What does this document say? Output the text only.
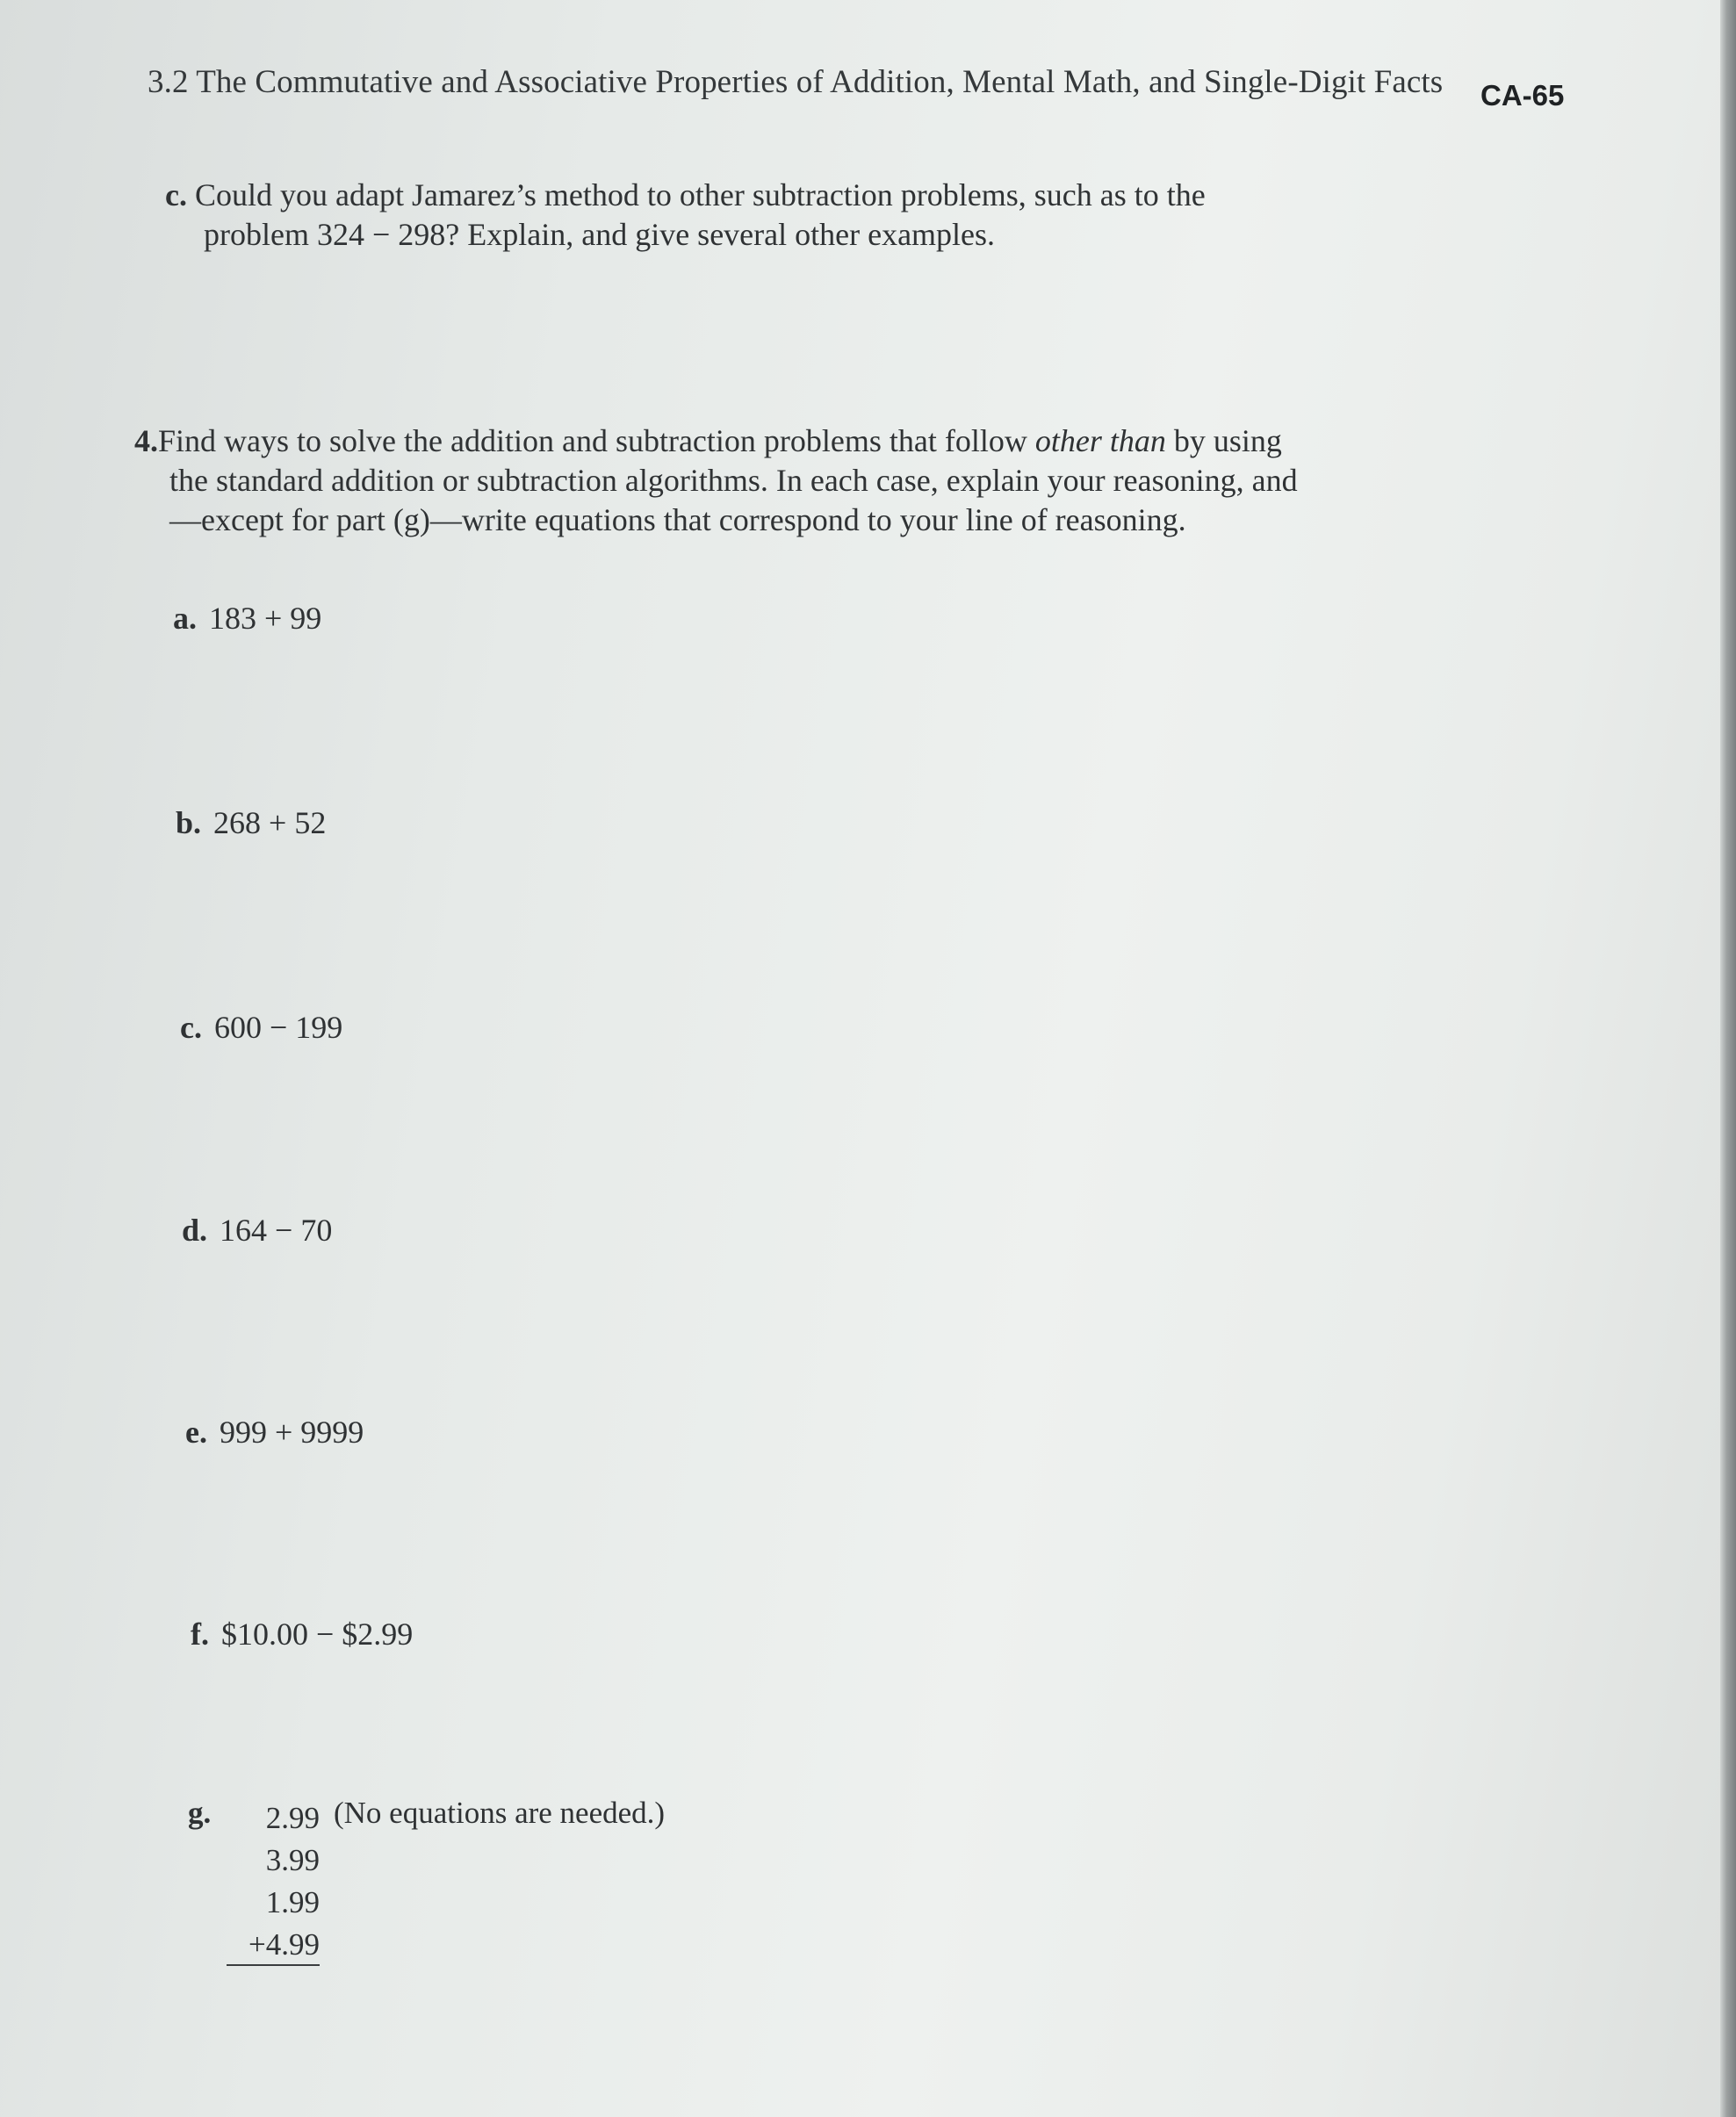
3.2 The Commutative and Associative Properties of Addition, Mental Math, and Single-Digit Facts CA-65
c. Could you adapt Jamarez’s method to other subtraction problems, such as to the
problem 324 − 298? Explain, and give several other examples.
4.Find ways to solve the addition and subtraction problems that follow other than by using the standard addition or subtraction algorithms. In each case, explain your reasoning, and—except for part (g)—write equations that correspond to your line of reasoning.
a. 183 + 99
b. 268 + 52
c. 600 − 199
d. 164 − 70
e. 999 + 9999
f. $10.00 − $2.99
g.	2.99
3.99
1.99
+4.99
(No equations are needed.)
